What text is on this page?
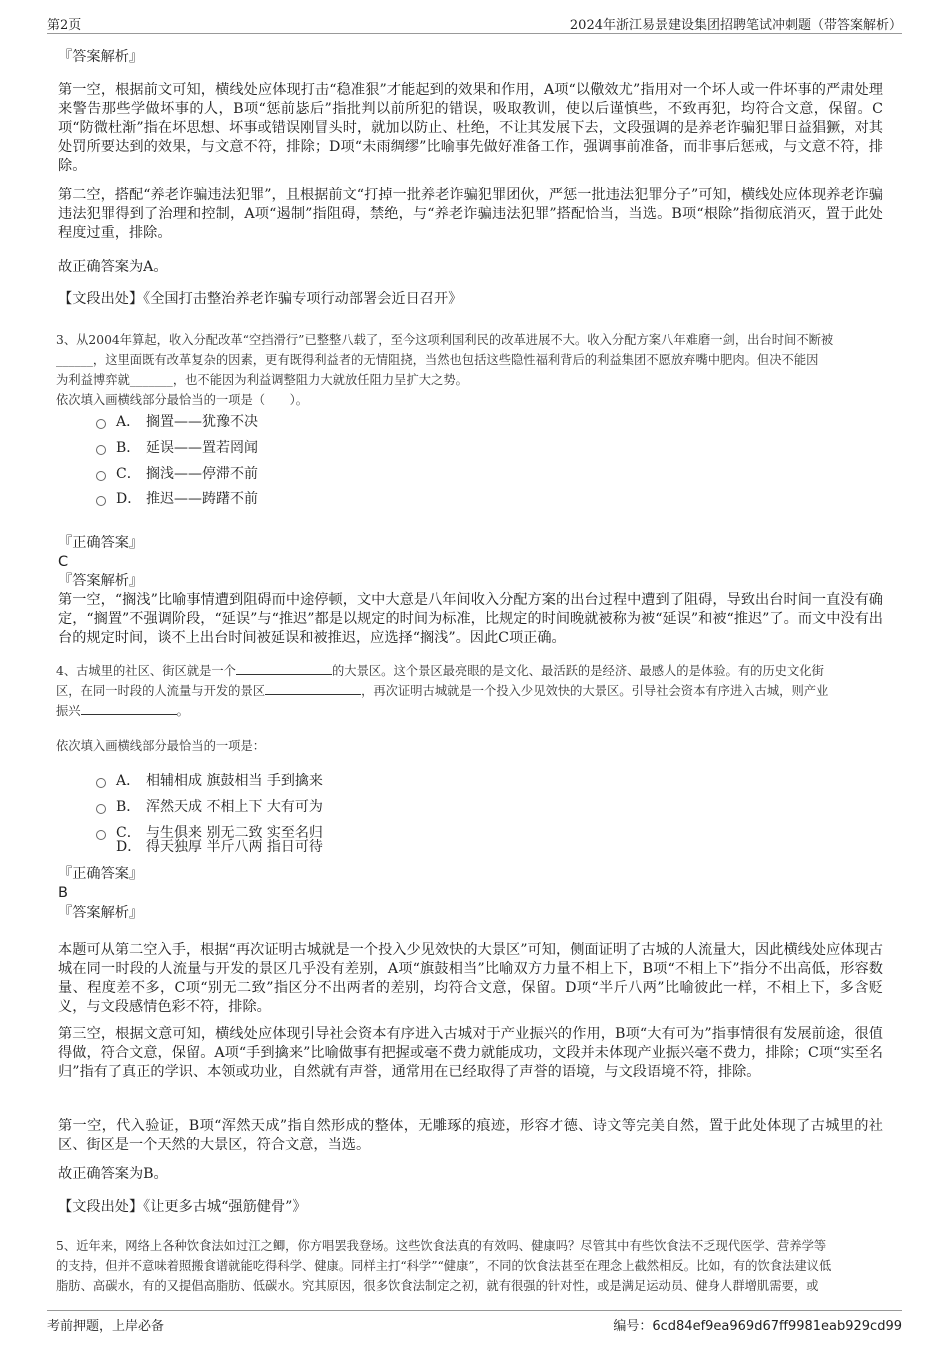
第2页	2024年浙江易景建设集团招聘笔试冲刺题（带答案解析）
『答案解析』

第一空，根据前文可知，横线处应体现打击“稳准狠”才能起到的效果和作用，A项“以儆效尤”指用对一个坏人或一件坏事的严肃处理来警告那些学做坏事的人，B项“惩前毖后”指批判以前所犯的错误，吸取教训，使以后谨慎些，不致再犯，均符合文意，保留。C项“防微杜渐”指在坏思想、坏事或错误刚冒头时，就加以防止、杜绝，不让其发展下去，文段强调的是养老诈骗犯罪日益猖獗，对其处罚所要达到的效果，与文意不符，排除；D项“未雨绸缪”比喻事先做好准备工作，强调事前准备，而非事后惩戒，与文意不符，排除。

第二空，搭配“养老诈骗违法犯罪”，且根据前文“打掉一批养老诈骗犯罪团伙，严惩一批违法犯罪分子”可知，横线处应体现养老诈骗违法犯罪得到了治理和控制，A项“遏制”指阻碍，禁绝，与“养老诈骗违法犯罪”搭配恰当，当选。B项“根除”指彻底消灭，置于此处程度过重，排除。

故正确答案为A。
【文段出处】《全国打击整治养老诈骗专项行动部署会近日召开》
3、从2004年算起，收入分配改革“空挡滑行”已整整八载了，至今这项利国利民的改革进展不大。收入分配方案八年难磨一剑，出台时间不断被
______，这里面既有改革复杂的因素，更有既得利益者的无情阻挠，当然也包括这些隐性福利背后的利益集团不愿放弃嘴中肥肉。但决不能因
为利益博弈就_______，也不能因为利益调整阻力大就放任阻力呈扩大之势。
依次填入画横线部分最恰当的一项是（　　）。
A． 搁置——犹豫不决
B． 延误——置若罔闻
C． 搁浅——停滞不前
D． 推迟——踌躇不前
『正确答案』
C
『答案解析』

第一空，“搁浅”比喻事情遭到阻碍而中途停顿，文中大意是八年间收入分配方案的出台过程中遭到了阻碍，导致出台时间一直没有确定，“搁置”不强调阶段，“延误”与“推迟”都是以规定的时间为标准，比规定的时间晚就被称为被“延误”和被“推迟”了。而文中没有出台的规定时间，谈不上出台时间被延误和被推迟，应选择“搁浅”。因此C项正确。

4、古城里的社区、街区就是一个	的大景区。这个景区最亮眼的是文化、最活跃的是经济、最感人的是体验。有的历史文化街
区，在同一时段的人流量与开发的景区	，再次证明古城就是一个投入少见效快的大景区。引导社会资本有序进入古城，则产业
振兴	。
依次填入画横线部分最恰当的一项是：
A． 相辅相成 旗鼓相当 手到擒来
B． 浑然天成 不相上下 大有可为
C． 与生俱来 别无二致 实至名归
D． 得天独厚 半斤八两 指日可待
『正确答案』
B
『答案解析』

本题可从第二空入手，根据“再次证明古城就是一个投入少见效快的大景区”可知，侧面证明了古城的人流量大，因此横线处应体现古城在同一时段的人流量与开发的景区几乎没有差别，A项“旗鼓相当”比喻双方力量不相上下，B项“不相上下”指分不出高低，形容数量、程度差不多，C项“别无二致”指区分不出两者的差别，均符合文意，保留。D项“半斤八两”比喻彼此一样，不相上下，多含贬义，与文段感情色彩不符，排除。

第三空，根据文意可知，横线处应体现引导社会资本有序进入古城对于产业振兴的作用，B项“大有可为”指事情很有发展前途，很值得做，符合文意，保留。A项“手到擒来”比喻做事有把握或毫不费力就能成功，文段并未体现产业振兴毫不费力，排除；C项“实至名归”指有了真正的学识、本领或功业，自然就有声誉，通常用在已经取得了声誉的语境，与文段语境不符，排除。

第一空，代入验证，B项“浑然天成”指自然形成的整体，无雕琢的痕迹，形容才德、诗文等完美自然，置于此处体现了古城里的社区、街区是一个天然的大景区，符合文意，当选。

故正确答案为B。
【文段出处】《让更多古城“强筋健骨”》
5、近年来，网络上各种饮食法如过江之鲫，你方唱罢我登场。这些饮食法真的有效吗、健康吗？尽管其中有些饮食法不乏现代医学、营养学等
的支持，但并不意味着照搬食谱就能吃得科学、健康。同样主打“科学”“健康”，不同的饮食法甚至在理念上截然相反。比如，有的饮食法建议低
脂肪、高碳水，有的又提倡高脂肪、低碳水。究其原因，很多饮食法制定之初，就有很强的针对性，或是满足运动员、健身人群增肌需要，或
考前押题，上岸必备	编号：6cd84ef9ea969d67ff9981eab929cd99
